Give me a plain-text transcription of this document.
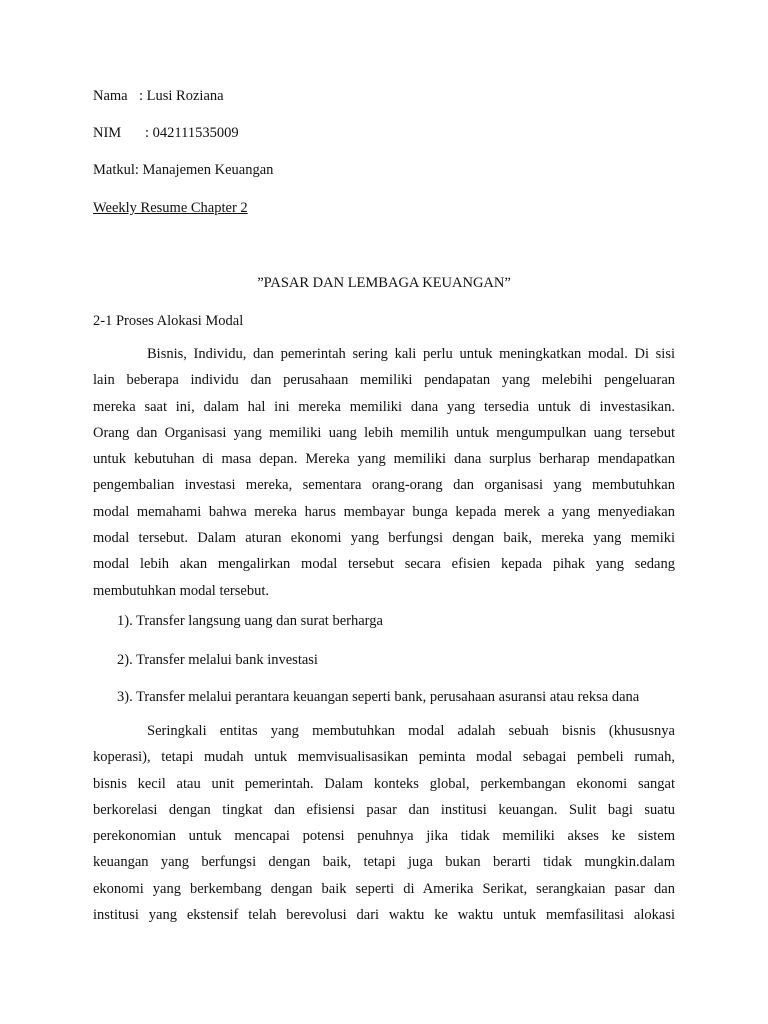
Nama : Lusi Roziana
NIM : 042111535009
Matkul: Manajemen Keuangan
Weekly Resume Chapter 2
”PASAR DAN LEMBAGA KEUANGAN”
2-1 Proses Alokasi Modal
Bisnis, Individu, dan pemerintah sering kali perlu untuk meningkatkan modal. Di sisi
lain beberapa individu dan perusahaan memiliki pendapatan yang melebihi pengeluaran
mereka saat ini, dalam hal ini mereka memiliki dana yang tersedia untuk di investasikan.
Orang dan Organisasi yang memiliki uang lebih memilih untuk mengumpulkan uang tersebut
untuk kebutuhan di masa depan. Mereka yang memiliki dana surplus berharap mendapatkan
pengembalian investasi mereka, sementara orang-orang dan organisasi yang membutuhkan
modal memahami bahwa mereka harus membayar bunga kepada merek a yang menyediakan
modal tersebut. Dalam aturan ekonomi yang berfungsi dengan baik, mereka yang memiki
modal lebih akan mengalirkan modal tersebut secara efisien kepada pihak yang sedang
membutuhkan modal tersebut.
1). Transfer langsung uang dan surat berharga
2). Transfer melalui bank investasi
3). Transfer melalui perantara keuangan seperti bank, perusahaan asuransi atau reksa dana
Seringkali entitas yang membutuhkan modal adalah sebuah bisnis (khususnya
koperasi), tetapi mudah untuk memvisualisasikan peminta modal sebagai pembeli rumah,
bisnis kecil atau unit pemerintah. Dalam konteks global, perkembangan ekonomi sangat
berkorelasi dengan tingkat dan efisiensi pasar dan institusi keuangan. Sulit bagi suatu
perekonomian untuk mencapai potensi penuhnya jika tidak memiliki akses ke sistem
keuangan yang berfungsi dengan baik, tetapi juga bukan berarti tidak mungkin.dalam
ekonomi yang berkembang dengan baik seperti di Amerika Serikat, serangkaian pasar dan
institusi yang ekstensif telah berevolusi dari waktu ke waktu untuk memfasilitasi alokasi
